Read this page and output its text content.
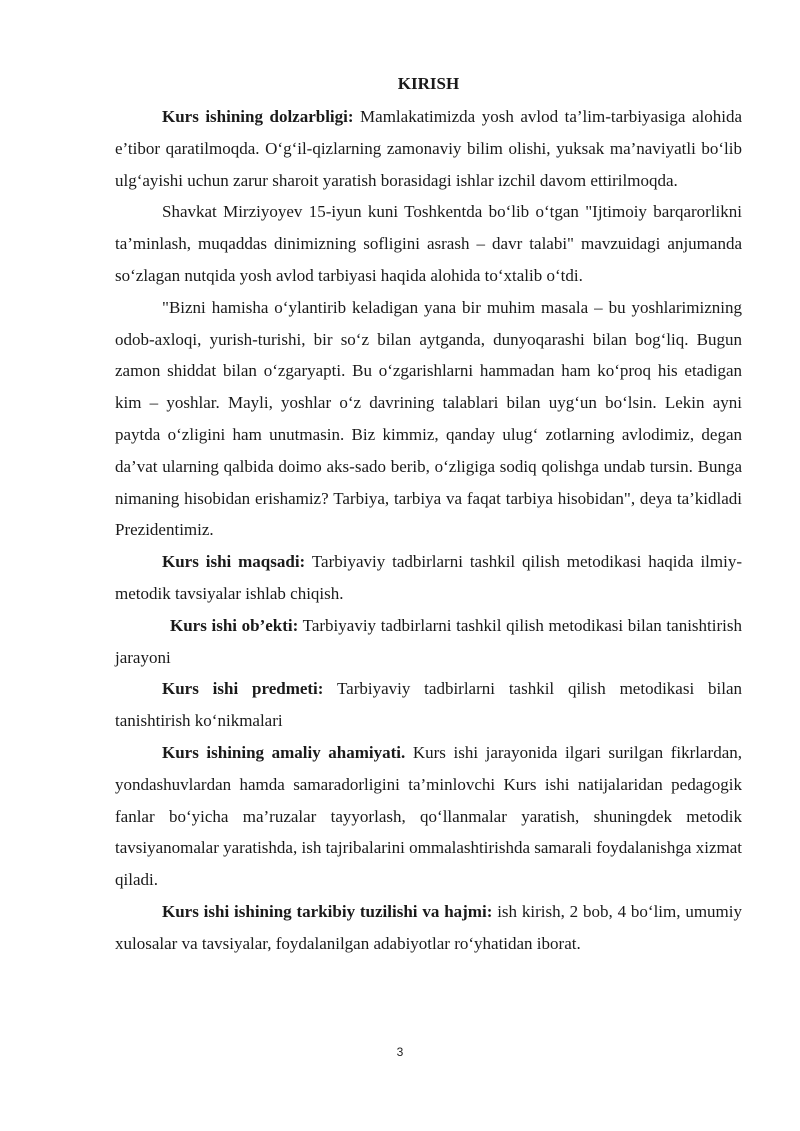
KIRISH

Kurs ishining dolzarbligi: Mamlakatimizda yosh avlod ta’lim-tarbiyasiga alohida e’tibor qaratilmoqda. O‘g‘il-qizlarning zamonaviy bilim olishi, yuksak ma’naviyatli bo‘lib ulg‘ayishi uchun zarur sharoit yaratish borasidagi ishlar izchil davom ettirilmoqda.

Shavkat Mirziyoyev 15-iyun kuni Toshkentda bo‘lib o‘tgan "Ijtimoiy barqarorlikni ta’minlash, muqaddas dinimizning sofligini asrash – davr talabi" mavzuidagi anjumanda so‘zlagan nutqida yosh avlod tarbiyasi haqida alohida to‘xtalib o‘tdi.

"Bizni hamisha o‘ylantirib keladigan yana bir muhim masala – bu yoshlarimizning odob-axloqi, yurish-turishi, bir so‘z bilan aytganda, dunyoqarashi bilan bog‘liq. Bugun zamon shiddat bilan o‘zgaryapti. Bu o‘zgarishlarni hammadan ham ko‘proq his etadigan kim – yoshlar. Mayli, yoshlar o‘z davrining talablari bilan uyg‘un bo‘lsin. Lekin ayni paytda o‘zligini ham unutmasin. Biz kimmiz, qanday ulug‘ zotlarning avlodimiz, degan da’vat ularning qalbida doimo aks-sado berib, o‘zligiga sodiq qolishga undab tursin. Bunga nimaning hisobidan erishamiz? Tarbiya, tarbiya va faqat tarbiya hisobidan", deya ta’kidladi Prezidentimiz.

Kurs ishi maqsadi: Tarbiyaviy tadbirlarni tashkil qilish metodikasi haqida ilmiy-metodik tavsiyalar ishlab chiqish.

Kurs ishi ob’ekti: Tarbiyaviy tadbirlarni tashkil qilish metodikasi bilan tanishtirish jarayoni

Kurs ishi predmeti: Tarbiyaviy tadbirlarni tashkil qilish metodikasi bilan tanishtirish ko‘nikmalari

Kurs ishining amaliy ahamiyati. Kurs ishi jarayonida ilgari surilgan fikrlardan, yondashuvlardan hamda samaradorligini ta’minlovchi Kurs ishi natijalaridan pedagogik fanlar bo‘yicha ma’ruzalar tayyorlash, qo‘llanmalar yaratish, shuningdek metodik tavsiyanomalar yaratishda, ish tajribalarini ommalashtirishda samarali foydalanishga xizmat qiladi.

Kurs ishi ishining tarkibiy tuzilishi va hajmi: ish kirish, 2 bob, 4 bo‘lim, umumiy xulosalar va tavsiyalar, foydalanilgan adabiyotlar ro‘yhatidan iborat.

3
